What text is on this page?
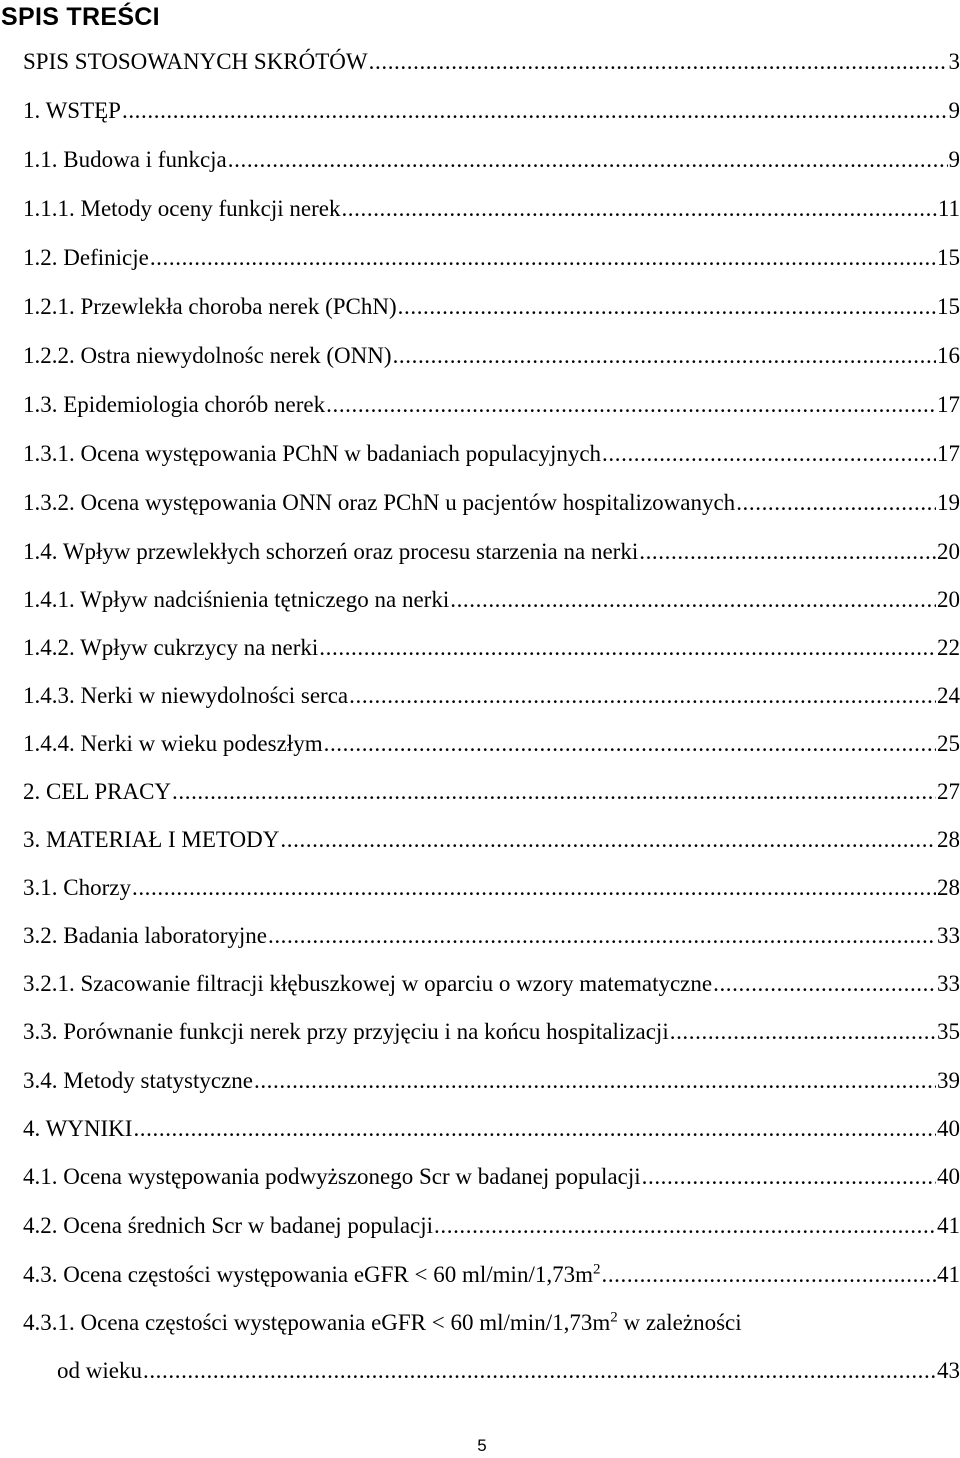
SPIS TREŚCI
SPIS STOSOWANYCH SKRÓTÓW .....	3
1. WSTĘP .....	9
1.1. Budowa i funkcja .....	9
1.1.1. Metody oceny funkcji nerek .....	11
1.2. Definicje .....	15
1.2.1. Przewlekła choroba nerek (PChN) .....	15
1.2.2. Ostra niewydolnośc nerek (ONN) .....	16
1.3. Epidemiologia chorób nerek .....	17
1.3.1. Ocena występowania PChN w badaniach populacyjnych .....	17
1.3.2. Ocena występowania ONN oraz PChN u pacjentów hospitalizowanych .....	19
1.4. Wpływ przewlekłych schorzeń oraz procesu starzenia na nerki .....	20
1.4.1. Wpływ nadciśnienia tętniczego na nerki .....	20
1.4.2. Wpływ cukrzycy na nerki .....	22
1.4.3. Nerki w niewydolności serca .....	24
1.4.4. Nerki w wieku podeszłym .....	25
2. CEL PRACY .....	27
3. MATERIAŁ I METODY .....	28
3.1. Chorzy .....	28
3.2. Badania laboratoryjne .....	33
3.2.1. Szacowanie filtracji kłębuszkowej w oparciu o wzory matematyczne .....	33
3.3. Porównanie funkcji nerek przy przyjęciu i na końcu hospitalizacji .....	35
3.4. Metody statystyczne .....	39
4. WYNIKI .....	40
4.1. Ocena występowania podwyższonego Scr w badanej populacji .....	40
4.2. Ocena średnich Scr w badanej populacji .....	41
4.3. Ocena częstości występowania eGFR < 60 $ml/\min/1,73m^2$ .....	41
4.3.1. Ocena częstości występowania eGFR < 60 $ml/\min/1,73m^2$ w zależności
od wieku .....	43
5
